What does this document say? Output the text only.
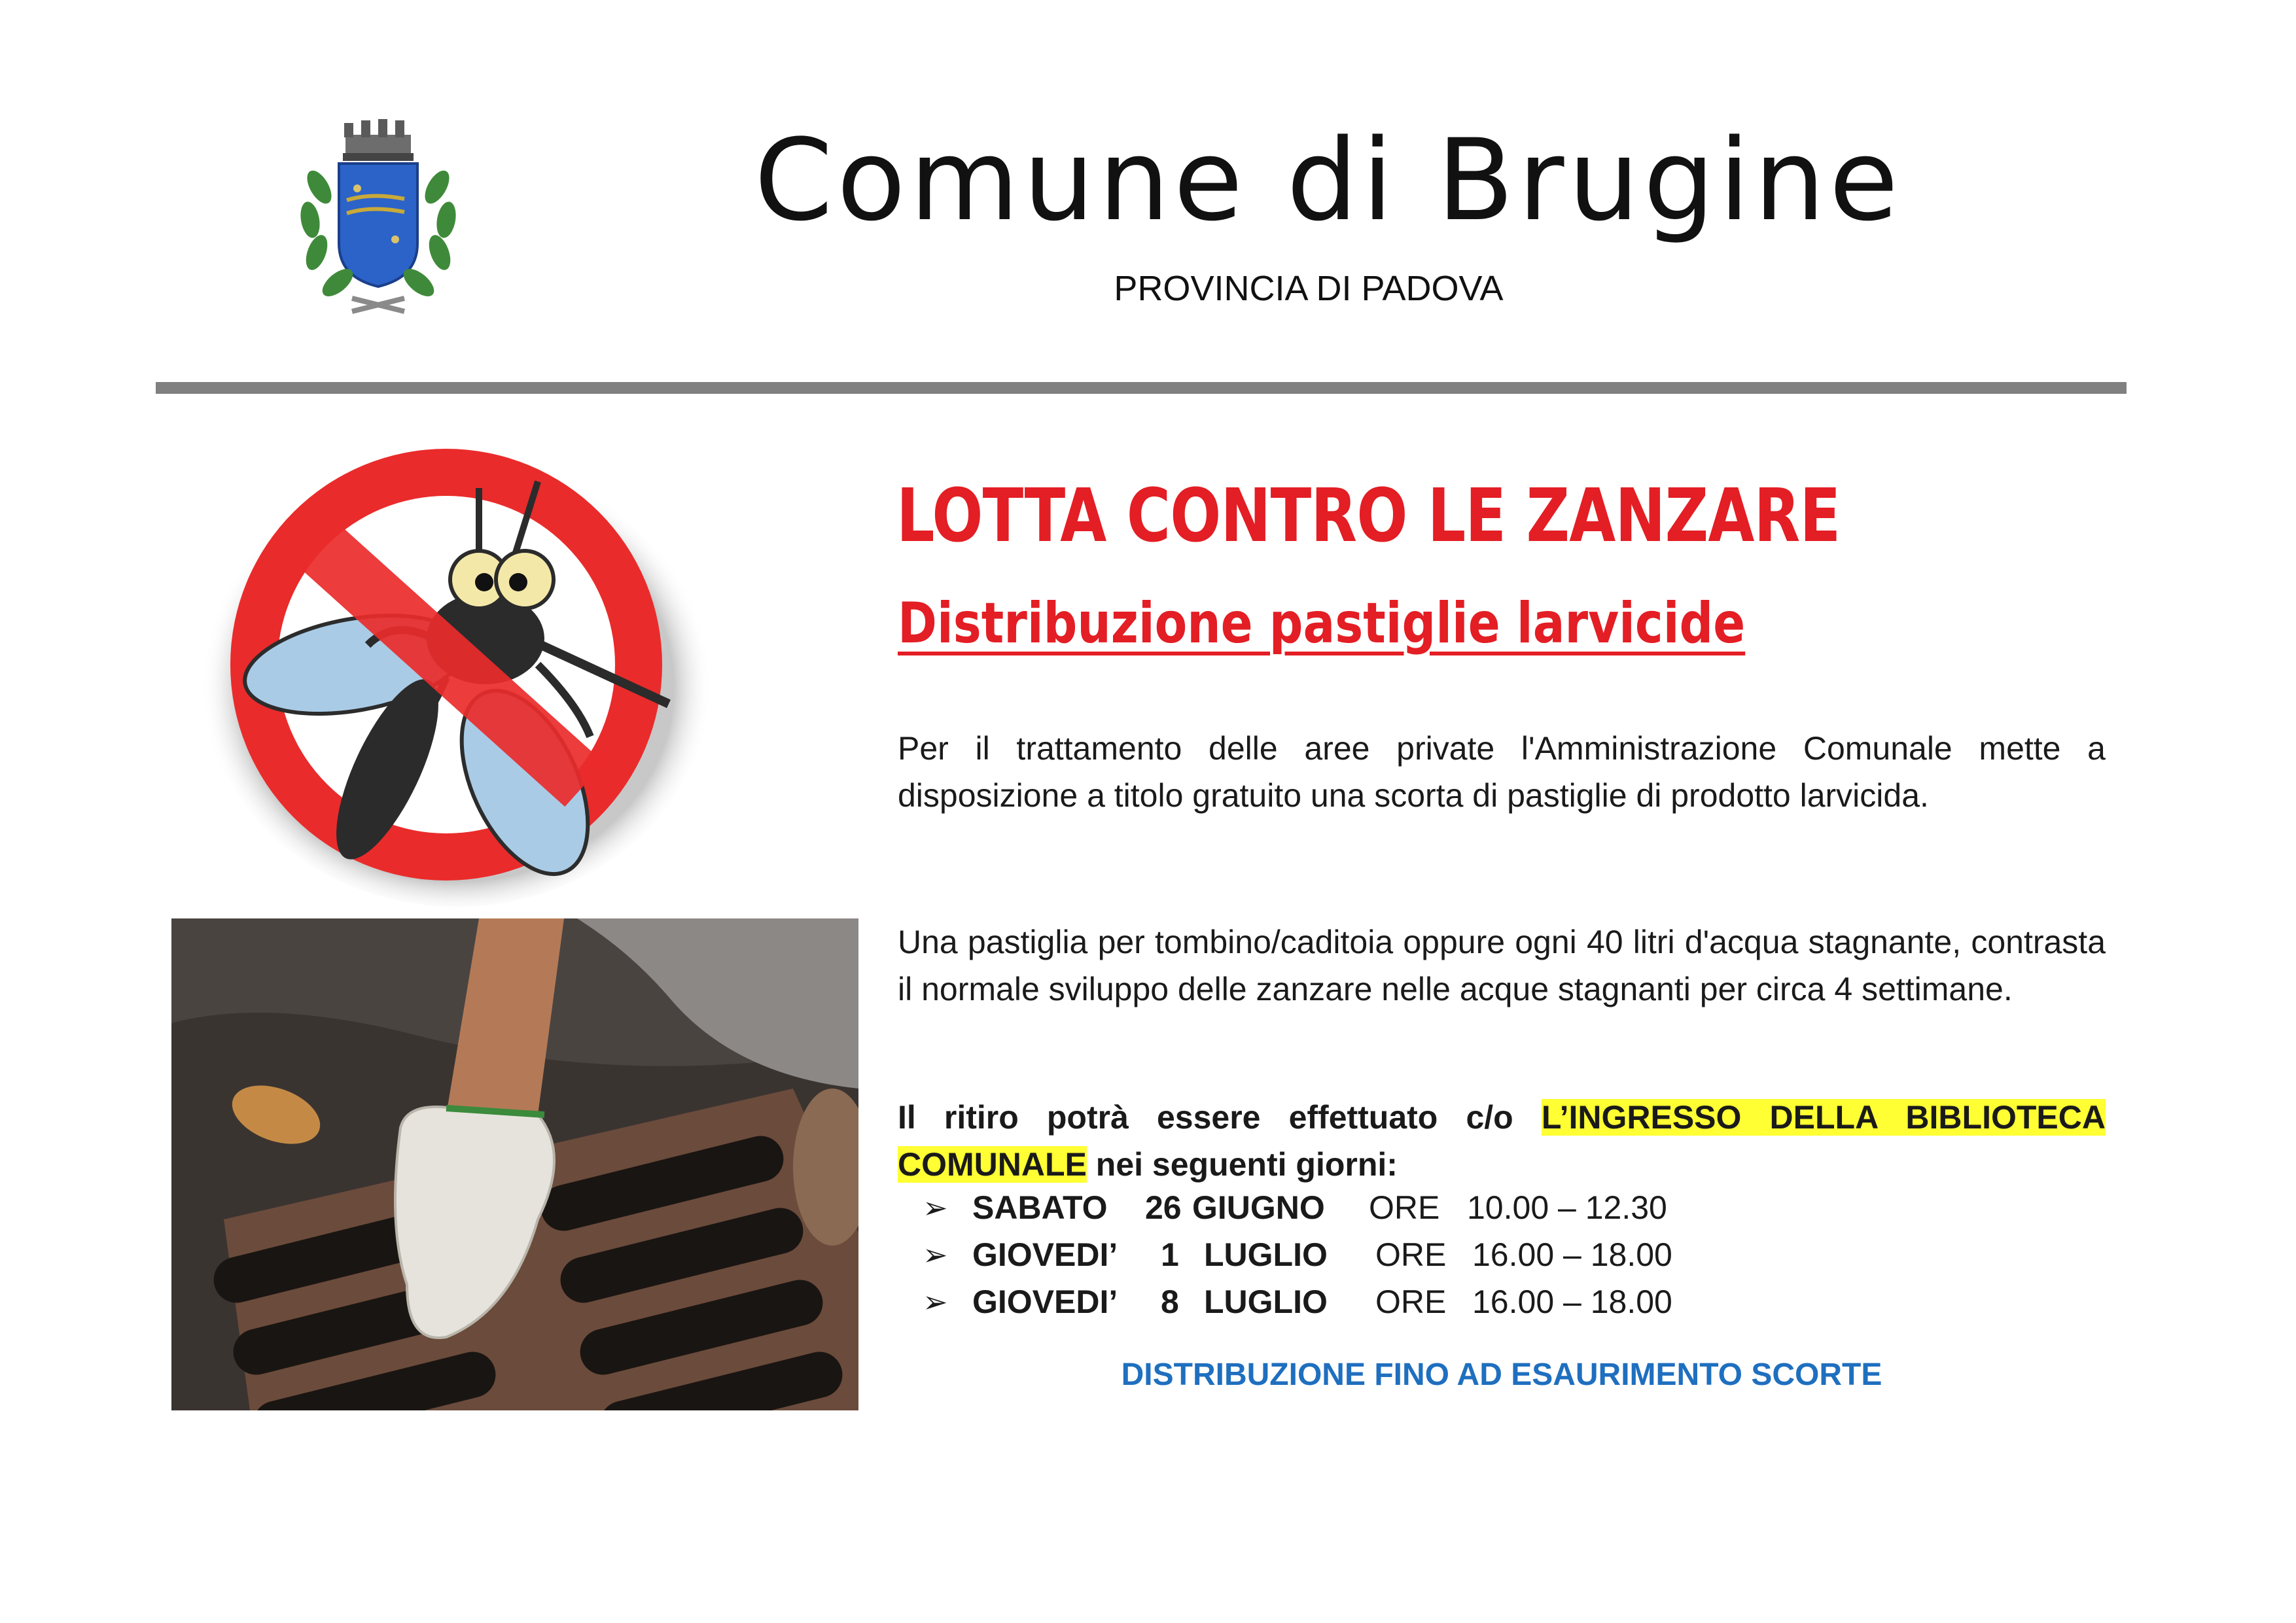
Comune di Brugine
PROVINCIA DI PADOVA
LOTTA CONTRO LE ZANZARE
Distribuzione pastiglie larvicide

Per il trattamento delle aree private l'Amministrazione Comunale mette a disposizione a titolo gratuito una scorta di pastiglie di prodotto larvicida.

Una pastiglia per tombino/caditoia oppure ogni 40 litri d'acqua stagnante, contrasta il normale sviluppo delle zanzare nelle acque stagnanti per circa 4 settimane.

Il ritiro potrà essere effettuato c/o L’INGRESSO DELLA BIBLIOTECA COMUNALE nei seguenti giorni:

➢ SABATO 26 GIUGNO ORE 10.00 – 12.30
➢ GIOVEDI’ 1 LUGLIO ORE 16.00 – 18.00
➢ GIOVEDI’ 8 LUGLIO ORE 16.00 – 18.00

DISTRIBUZIONE FINO AD ESAURIMENTO SCORTE
